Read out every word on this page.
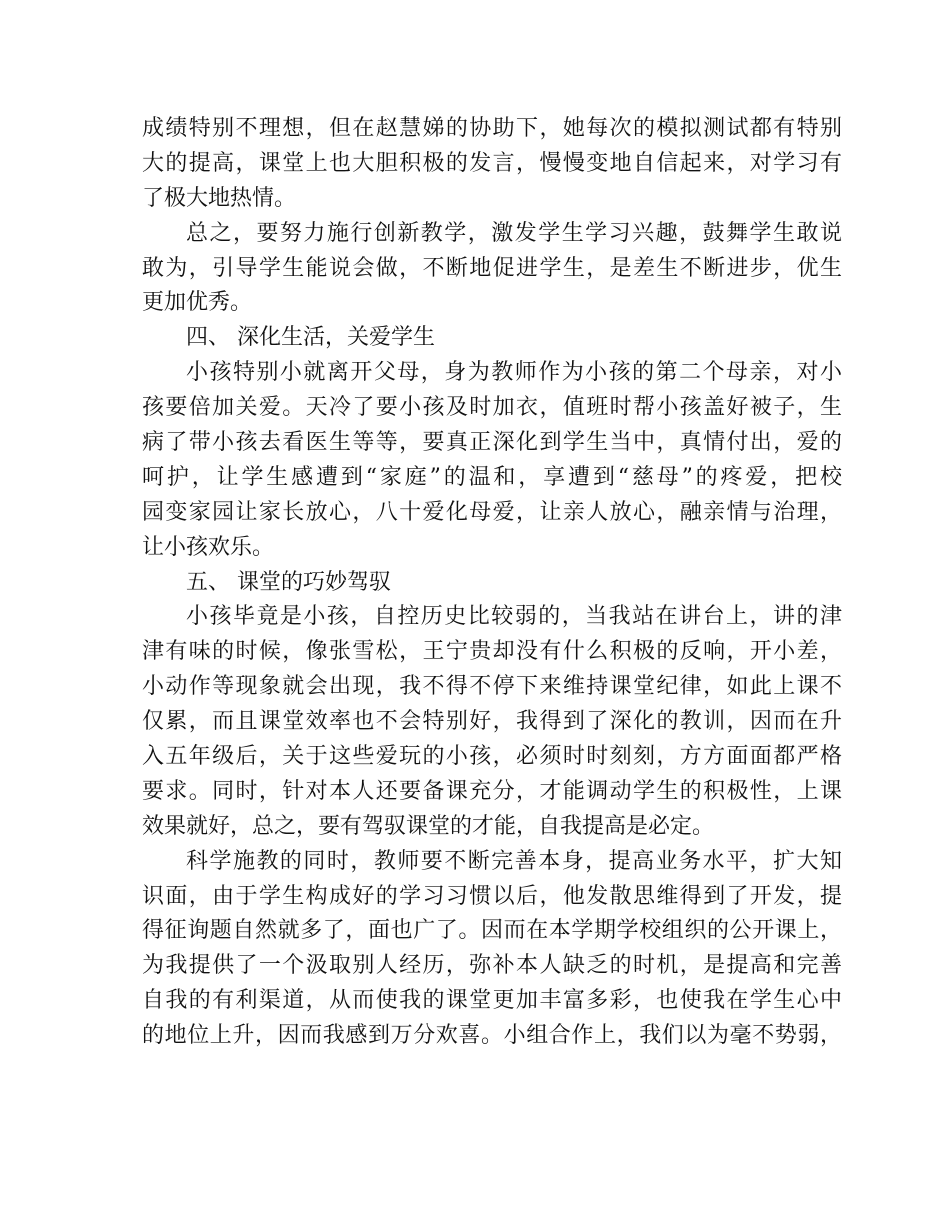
成绩特别不理想，但在赵慧娣的协助下，她每次的模拟测试都有特别
大的提高，课堂上也大胆积极的发言，慢慢变地自信起来，对学习有
了极大地热情。
总之，要努力施行创新教学，激发学生学习兴趣，鼓舞学生敢说
敢为，引导学生能说会做，不断地促进学生，是差生不断进步，优生
更加优秀。
四、 深化生活，关爱学生
小孩特别小就离开父母，身为教师作为小孩的第二个母亲，对小
孩要倍加关爱。天冷了要小孩及时加衣，值班时帮小孩盖好被子，生
病了带小孩去看医生等等，要真正深化到学生当中，真情付出，爱的
呵护，让学生感遭到“家庭”的温和，享遭到“慈母”的疼爱，把校
园变家园让家长放心，八十爱化母爱，让亲人放心，融亲情与治理，
让小孩欢乐。
五、 课堂的巧妙驾驭
小孩毕竟是小孩，自控历史比较弱的，当我站在讲台上，讲的津
津有味的时候，像张雪松，王宁贵却没有什么积极的反响，开小差，
小动作等现象就会出现，我不得不停下来维持课堂纪律，如此上课不
仅累，而且课堂效率也不会特别好，我得到了深化的教训，因而在升
入五年级后，关于这些爱玩的小孩，必须时时刻刻，方方面面都严格
要求。同时，针对本人还要备课充分，才能调动学生的积极性，上课
效果就好，总之，要有驾驭课堂的才能，自我提高是必定。
科学施教的同时，教师要不断完善本身，提高业务水平，扩大知
识面，由于学生构成好的学习习惯以后，他发散思维得到了开发，提
得征询题自然就多了，面也广了。因而在本学期学校组织的公开课上，
为我提供了一个汲取别人经历，弥补本人缺乏的时机，是提高和完善
自我的有利渠道，从而使我的课堂更加丰富多彩，也使我在学生心中
的地位上升，因而我感到万分欢喜。小组合作上，我们以为毫不势弱，
